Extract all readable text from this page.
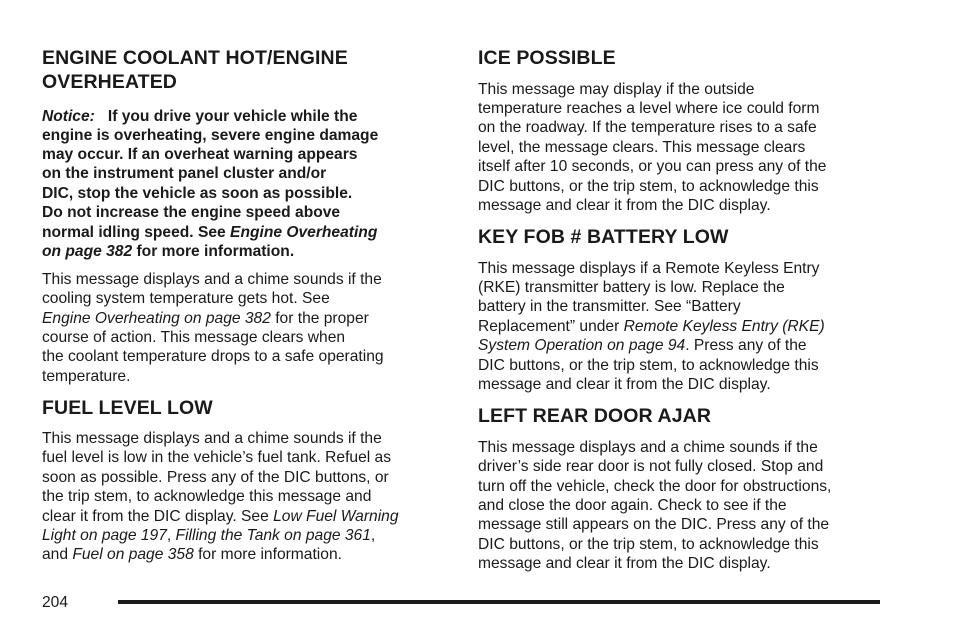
ENGINE COOLANT HOT/ENGINE
OVERHEATED
Notice: If you drive your vehicle while the
engine is overheating, severe engine damage
may occur. If an overheat warning appears
on the instrument panel cluster and/or
DIC, stop the vehicle as soon as possible.
Do not increase the engine speed above
normal idling speed. See Engine Overheating
on page 382 for more information.
This message displays and a chime sounds if the
cooling system temperature gets hot. See
Engine Overheating on page 382 for the proper
course of action. This message clears when
the coolant temperature drops to a safe operating
temperature.
FUEL LEVEL LOW
This message displays and a chime sounds if the
fuel level is low in the vehicle’s fuel tank. Refuel as
soon as possible. Press any of the DIC buttons, or
the trip stem, to acknowledge this message and
clear it from the DIC display. See Low Fuel Warning
Light on page 197, Filling the Tank on page 361,
and Fuel on page 358 for more information.
ICE POSSIBLE
This message may display if the outside
temperature reaches a level where ice could form
on the roadway. If the temperature rises to a safe
level, the message clears. This message clears
itself after 10 seconds, or you can press any of the
DIC buttons, or the trip stem, to acknowledge this
message and clear it from the DIC display.
KEY FOB # BATTERY LOW
This message displays if a Remote Keyless Entry
(RKE) transmitter battery is low. Replace the
battery in the transmitter. See “Battery
Replacement” under Remote Keyless Entry (RKE)
System Operation on page 94. Press any of the
DIC buttons, or the trip stem, to acknowledge this
message and clear it from the DIC display.
LEFT REAR DOOR AJAR
This message displays and a chime sounds if the
driver’s side rear door is not fully closed. Stop and
turn off the vehicle, check the door for obstructions,
and close the door again. Check to see if the
message still appears on the DIC. Press any of the
DIC buttons, or the trip stem, to acknowledge this
message and clear it from the DIC display.
204
